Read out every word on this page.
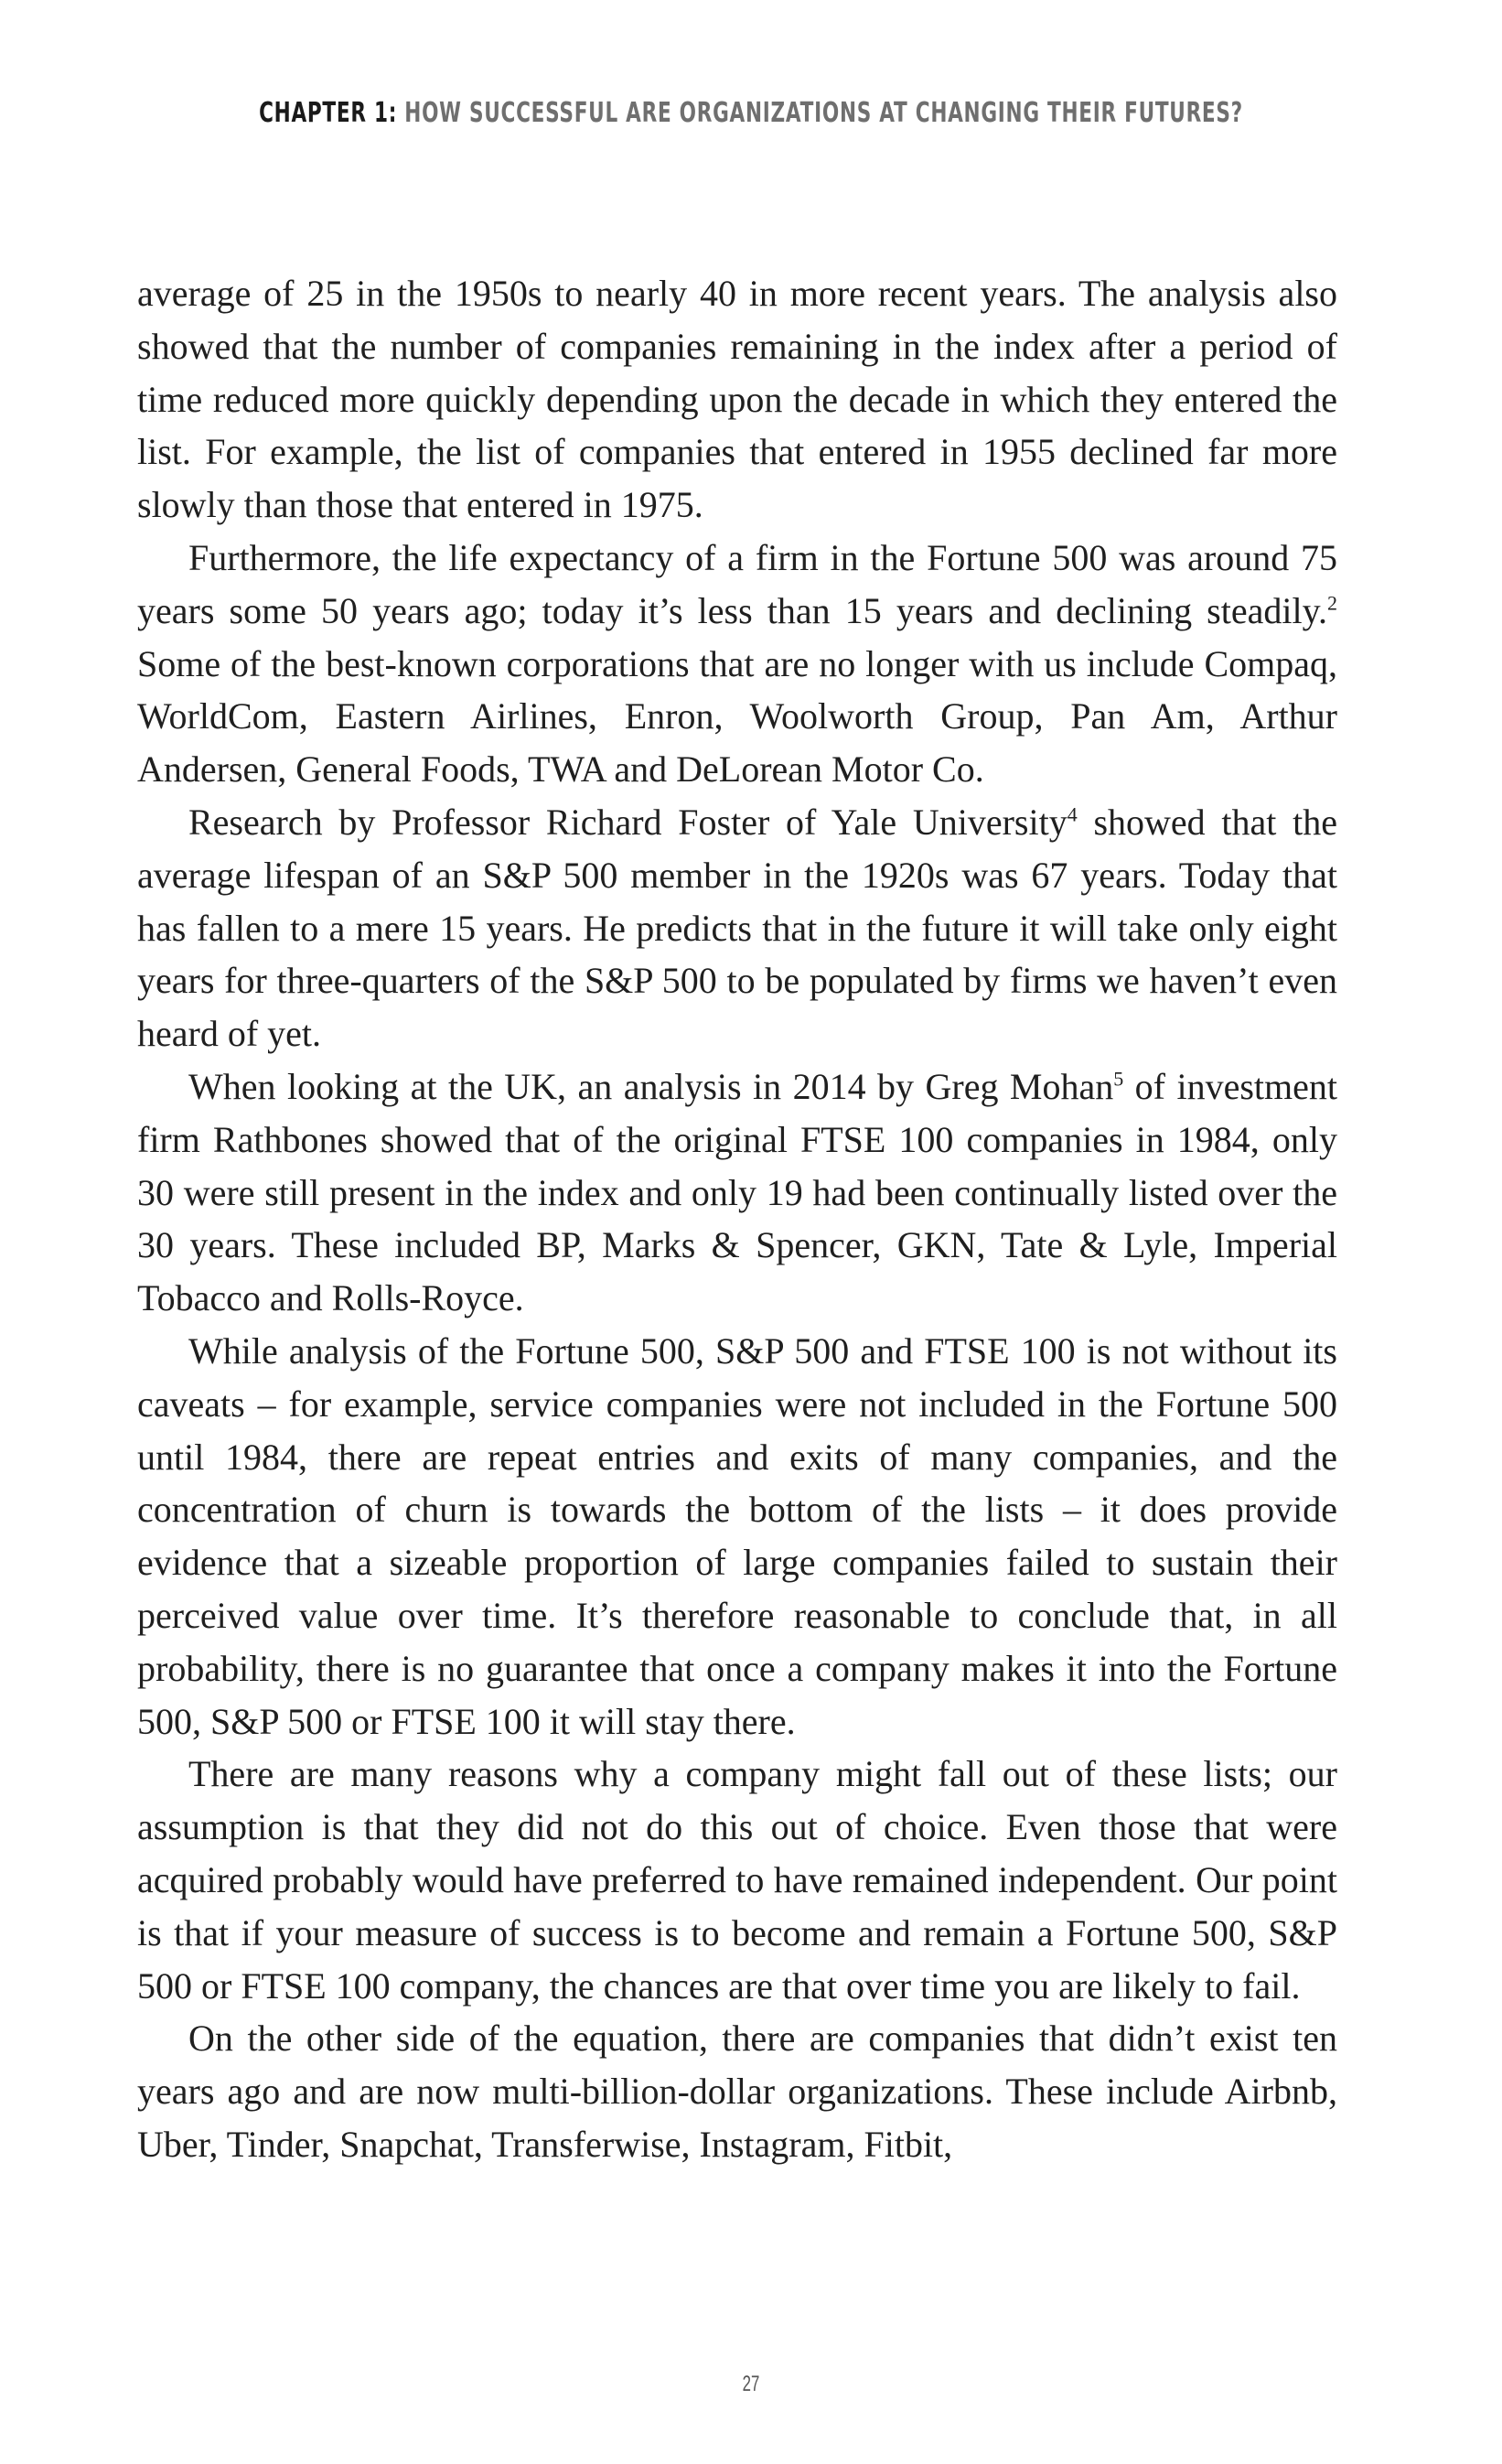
CHAPTER 1: HOW SUCCESSFUL ARE ORGANIZATIONS AT CHANGING THEIR FUTURES?

average of 25 in the 1950s to nearly 40 in more recent years. The analysis also showed that the number of companies remaining in the index after a period of time reduced more quickly depending upon the decade in which they entered the list. For example, the list of companies that entered in 1955 declined far more slowly than those that entered in 1975.

Furthermore, the life expectancy of a firm in the Fortune 500 was around 75 years some 50 years ago; today it’s less than 15 years and declining steadily.$^2$ Some of the best-known corporations that are no longer with us include Compaq, WorldCom, Eastern Airlines, Enron, Woolworth Group, Pan Am, Arthur Andersen, General Foods, TWA and DeLorean Motor Co.

Research by Professor Richard Foster of Yale University$^4$ showed that the average lifespan of an S&P 500 member in the 1920s was 67 years. Today that has fallen to a mere 15 years. He predicts that in the future it will take only eight years for three-quarters of the S&P 500 to be populated by firms we haven’t even heard of yet.

When looking at the UK, an analysis in 2014 by Greg Mohan$^5$ of investment firm Rathbones showed that of the original FTSE 100 companies in 1984, only 30 were still present in the index and only 19 had been continually listed over the 30 years. These included BP, Marks & Spencer, GKN, Tate & Lyle, Imperial Tobacco and Rolls-Royce.

While analysis of the Fortune 500, S&P 500 and FTSE 100 is not without its caveats – for example, service companies were not included in the Fortune 500 until 1984, there are repeat entries and exits of many companies, and the concentration of churn is towards the bottom of the lists – it does provide evidence that a sizeable proportion of large companies failed to sustain their perceived value over time. It’s therefore reasonable to conclude that, in all probability, there is no guarantee that once a company makes it into the Fortune 500, S&P 500 or FTSE 100 it will stay there.

There are many reasons why a company might fall out of these lists; our assumption is that they did not do this out of choice. Even those that were acquired probably would have preferred to have remained independent. Our point is that if your measure of success is to become and remain a Fortune 500, S&P 500 or FTSE 100 company, the chances are that over time you are likely to fail.

On the other side of the equation, there are companies that didn’t exist ten years ago and are now multi-billion-dollar organizations. These include Airbnb, Uber, Tinder, Snapchat, Transferwise, Instagram, Fitbit,

27
